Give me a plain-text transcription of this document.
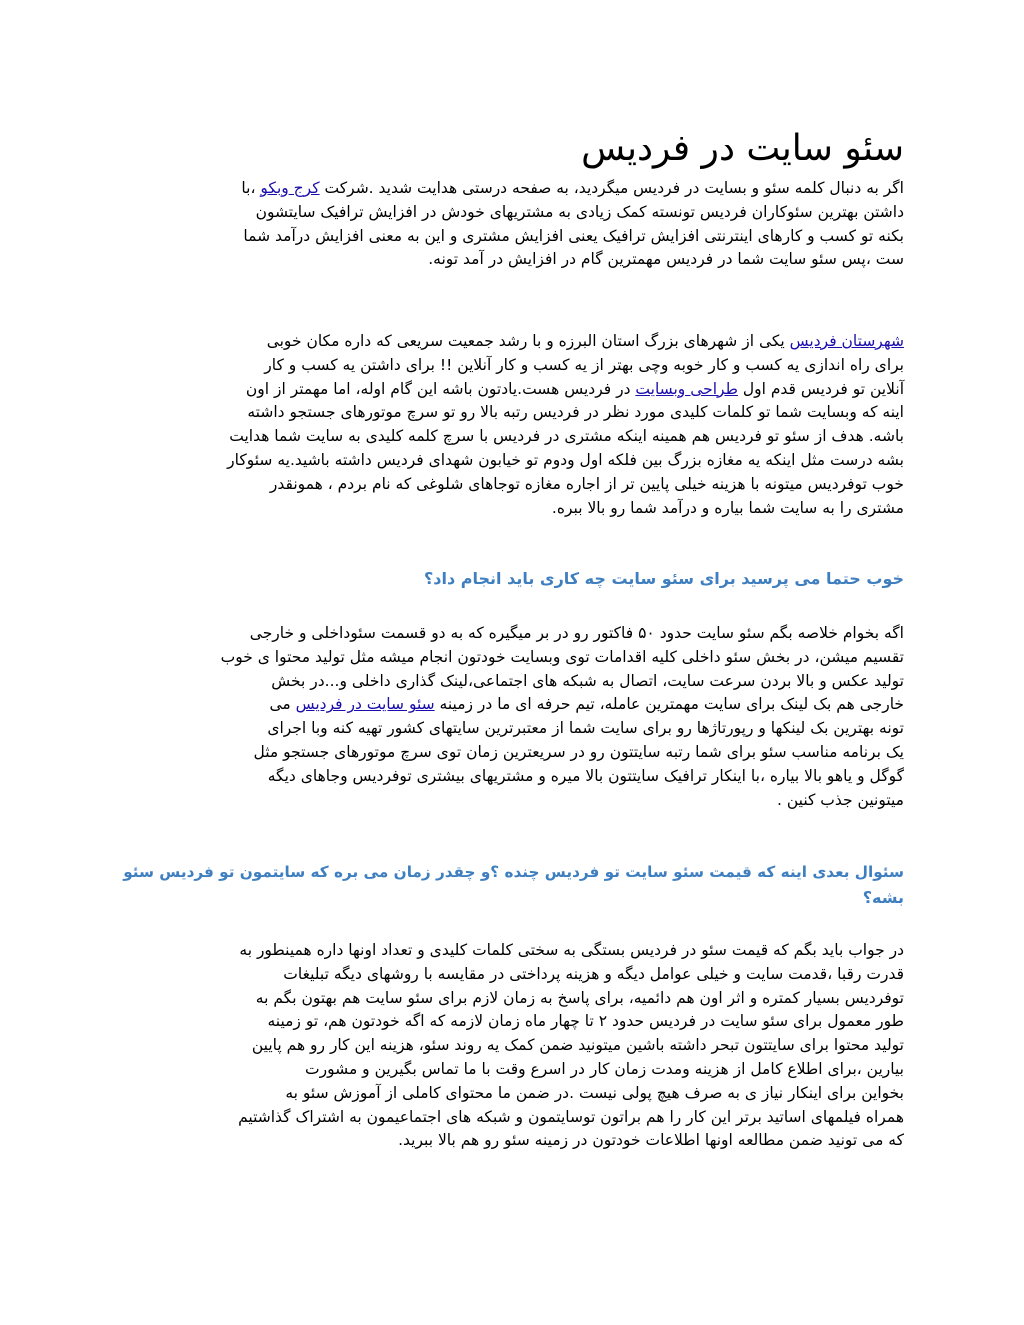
سئو سایت در فردیس

اگر به دنبال کلمه سئو و بسایت در فردیس میگردید، به صفحه درستی هدایت شدید .شرکت کرج وبکو ،با
داشتن بهترین سئوکاران فردیس تونسته کمک زیادی به مشتریهای خودش در افزایش ترافیک سایتشون
بکنه تو کسب و کارهای اینترنتی افزایش ترافیک یعنی افزایش مشتری و این به معنی افزایش درآمد شما
ست ،پس سئو سایت شما در فردیس مهمترین گام در افزایش در آمد تونه.

شهرستان فردیس یکی از شهرهای بزرگ استان البرزه و با رشد جمعیت سریعی که داره مکان خوبی
برای راه اندازی یه کسب و کار خوبه وچی بهتر از یه کسب و کار آنلاین !! برای داشتن یه کسب و کار
آنلاین تو فردیس قدم اول طراحی وبسایت در فردیس هست.یادتون باشه این گام اوله، اما مهمتر از اون
اینه که وبسایت شما تو کلمات کلیدی مورد نظر در فردیس رتبه بالا رو تو سرچ موتورهای جستجو داشته
باشه. هدف از سئو تو فردیس هم همینه اینکه مشتری در فردیس با سرچ کلمه کلیدی به سایت شما هدایت
بشه درست مثل اینکه یه مغازه بزرگ بین فلکه اول ودوم تو خیابون شهدای فردیس داشته باشید.یه سئوکار
خوب توفردیس میتونه با هزینه خیلی پایین تر از اجاره مغازه توجاهای شلوغی که نام بردم ، همونقدر
مشتری را به سایت شما بیاره و درآمد شما رو بالا ببره.

خوب حتما می پرسید برای سئو سایت چه کاری باید انجام داد؟

اگه بخوام خلاصه بگم سئو سایت حدود ۵۰ فاکتور رو در بر میگیره که به دو قسمت سئوداخلی و خارجی
تقسیم میشن، در بخش سئو داخلی کلیه اقدامات توی وبسایت خودتون انجام میشه مثل تولید محتوا ی خوب
تولید عکس و بالا بردن سرعت سایت، اتصال به شبکه های اجتماعی،لینک گذاری داخلی و...در بخش
خارجی هم بک لینک برای سایت مهمترین عامله، تیم حرفه ای ما در زمینه سئو سایت در فردیس می
تونه بهترین بک لینکها و رپورتاژها رو برای سایت شما از معتبرترین سایتهای کشور تهیه کنه وبا اجرای
یک برنامه مناسب سئو برای شما رتبه سایتتون رو در سریعترین زمان توی سرچ موتورهای جستجو مثل
گوگل و یاهو بالا بیاره ،با اینکار ترافیک سایتتون بالا میره و مشتریهای بیشتری توفردیس وجاهای دیگه
میتونین جذب کنین .

سئوال بعدی اینه که قیمت سئو سایت تو فردیس چنده ؟و چقدر زمان می بره که سایتمون تو فردیس سئو
بشه؟

در جواب باید بگم که قیمت سئو در فردیس بستگی به سختی کلمات کلیدی و تعداد اونها داره همینطور به
قدرت رقبا ،قدمت سایت و خیلی عوامل دیگه و هزینه پرداختی در مقایسه با روشهای دیگه تبلیغات
توفردیس بسیار کمتره و اثر اون هم دائمیه، برای پاسخ به زمان لازم برای سئو سایت هم بهتون بگم به
طور معمول برای سئو سایت در فردیس حدود ۲ تا چهار ماه زمان لازمه که اگه خودتون هم، تو زمینه
تولید محتوا برای سایتتون تبحر داشته باشین میتونید ضمن کمک یه روند سئو، هزینه این کار رو هم پایین
بیارین ،برای اطلاع کامل از هزینه ومدت زمان کار در اسرع وقت با ما تماس بگیرین و مشورت
بخواین برای اینکار نیاز ی به صرف هیچ پولی نیست .در ضمن ما محتوای کاملی از آموزش سئو به
همراه فیلمهای اساتید برتر این کار را هم براتون توسایتمون و شبکه های اجتماعیمون به اشتراک گذاشتیم
که می تونید ضمن مطالعه اونها اطلاعات خودتون در زمینه سئو رو هم بالا ببرید.
